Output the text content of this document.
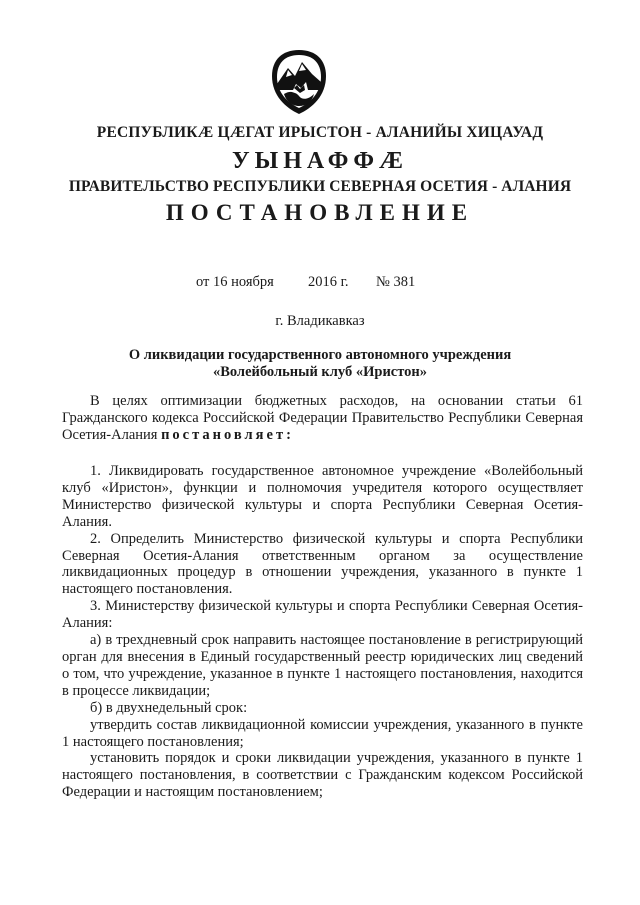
РЕСПУБЛИКӔ ЦӔГАТ ИРЫСТОН - АЛАНИЙЫ ХИЦАУАД
УЫНАФФӔ
ПРАВИТЕЛЬСТВО РЕСПУБЛИКИ СЕВЕРНАЯ ОСЕТИЯ - АЛАНИЯ
ПОСТАНОВЛЕНИЕ
от 16 ноября 2016 г. № 381
г. Владикавказ
О ликвидации государственного автономного учреждения
«Волейбольный клуб «Иристон»

В целях оптимизации бюджетных расходов, на основании статьи 61 Гражданского кодекса Российской Федерации Правительство Республики Северная Осетия-Алания постановляет:

1. Ликвидировать государственное автономное учреждение «Волейбольный клуб «Иристон», функции и полномочия учредителя которого осуществляет Министерство физической культуры и спорта Республики Северная Осетия-Алания.

2. Определить Министерство физической культуры и спорта Республики Северная Осетия-Алания ответственным органом за осуществление ликвидационных процедур в отношении учреждения, указанного в пункте 1 настоящего постановления.

3. Министерству физической культуры и спорта Республики Северная Осетия-Алания:

а) в трехдневный срок направить настоящее постановление в регистрирующий орган для внесения в Единый государственный реестр юридических лиц сведений о том, что учреждение, указанное в пункте 1 настоящего постановления, находится в процессе ликвидации;

б) в двухнедельный срок:

утвердить состав ликвидационной комиссии учреждения, указанного в пункте 1 настоящего постановления;

установить порядок и сроки ликвидации учреждения, указанного в пункте 1 настоящего постановления, в соответствии с Гражданским кодексом Российской Федерации и настоящим постановлением;
